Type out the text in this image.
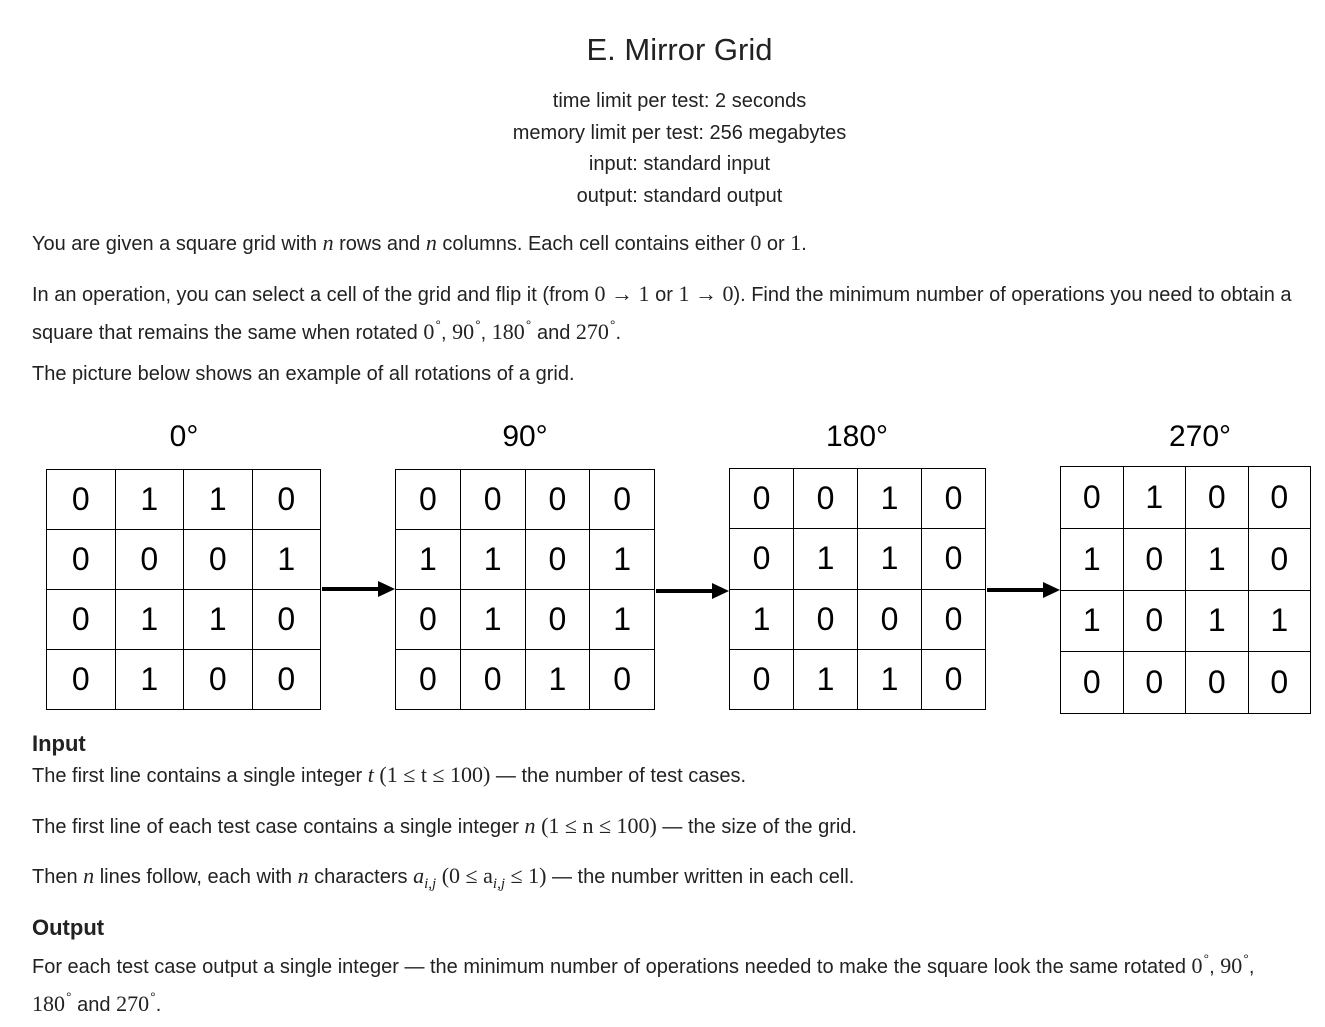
E. Mirror Grid
time limit per test: 2 seconds
memory limit per test: 256 megabytes
input: standard input
output: standard output
You are given a square grid with n rows and n columns. Each cell contains either 0 or 1.
In an operation, you can select a cell of the grid and flip it (from 0 → 1 or 1 → 0). Find the minimum number of operations you need to obtain a square that remains the same when rotated 0°, 90°, 180° and 270°.
The picture below shows an example of all rotations of a grid.
0°	90°	180°	270°
0	1	1	0
0	0	0	1
0	1	1	0
0	1	0	0
0	0	0	0
1	1	0	1
0	1	0	1
0	0	1	0
0	0	1	0
0	1	1	0
1	0	0	0
0	1	1	0
0	1	0	0
1	0	1	0
1	0	1	1
0	0	0	0
Input
The first line contains a single integer t (1 ≤ t ≤ 100) — the number of test cases.
The first line of each test case contains a single integer n (1 ≤ n ≤ 100) — the size of the grid.
Then n lines follow, each with n characters $a_{i,j}$ $(0 \le a_{i,j} \le 1)$ — the number written in each cell.
Output
For each test case output a single integer — the minimum number of operations needed to make the square look the same rotated 0°, 90°, 180° and 270°.
